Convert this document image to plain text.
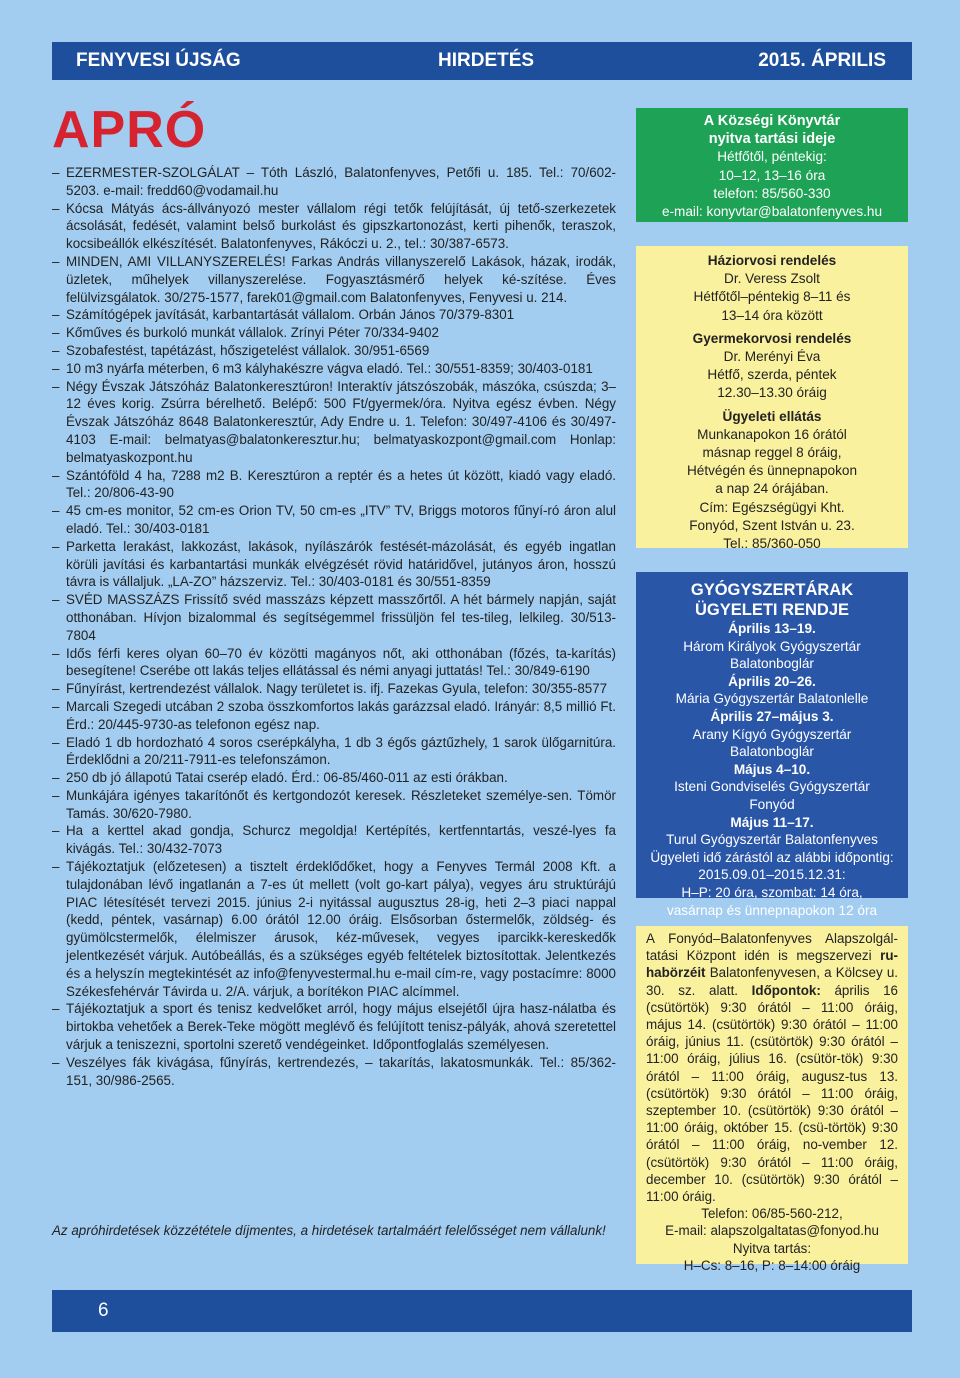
FENYVESI ÚJSÁG	HIRDETÉS	2015. ÁPRILIS
APRÓ
– EZERMESTER-SZOLGÁLAT – Tóth László, Balatonfenyves, Petőfi u. 185. Tel.: 70/602-5203. e-mail: fredd60@vodamail.hu
– Kócsa Mátyás ács-állványozó mester vállalom régi tetők felújítását, új tető-szerkezetek ácsolását, fedését, valamint belső burkolást és gipszkartonozást, kerti pihenők, teraszok, kocsibeállók elkészítését. Balatonfenyves, Rákóczi u. 2., tel.: 30/387-6573.
– MINDEN, AMI VILLANYSZERELÉS! Farkas András villanyszerelő Lakások, házak, irodák, üzletek, műhelyek villanyszerelése. Fogyasztásmérő helyek ké-szítése. Éves felülvizsgálatok. 30/275-1577, farek01@gmail.com Balatonfenyves, Fenyvesi u. 214.
– Számítógépek javítását, karbantartását vállalom. Orbán János 70/379-8301
– Kőműves és burkoló munkát vállalok. Zrínyi Péter 70/334-9402
– Szobafestést, tapétázást, hőszigetelést vállalok. 30/951-6569
– 10 m3 nyárfa méterben, 6 m3 kályhakészre vágva eladó. Tel.: 30/551-8359; 30/403-0181
– Négy Évszak Játszóház Balatonkeresztúron! Interaktív játszószobák, mászóka, csúszda; 3–12 éves korig. Zsúrra bérelhető. Belépő: 500 Ft/gyermek/óra. Nyitva egész évben. Négy Évszak Játszóház 8648 Balatonkeresztúr, Ady Endre u. 1. Telefon: 30/497-4106 és 30/497-4103 E-mail: belmatyas@balatonkeresztur.hu; belmatyaskozpont@gmail.com Honlap: belmatyaskozpont.hu
– Szántóföld 4 ha, 7288 m2 B. Keresztúron a reptér és a hetes út között, kiadó vagy eladó. Tel.: 20/806-43-90
– 45 cm-es monitor, 52 cm-es Orion TV, 50 cm-es „ITV” TV, Briggs motoros fűnyí-ró áron alul eladó. Tel.: 30/403-0181
– Parketta lerakást, lakkozást, lakások, nyílászárók festését-mázolását, és egyéb ingatlan körüli javítási és karbantartási munkák elvégzését rövid határidővel, jutányos áron, hosszú távra is vállaljuk. „LA-ZO” házszerviz. Tel.: 30/403-0181 és 30/551-8359
– SVÉD MASSZÁZS Frissítő svéd masszázs képzett masszőrtől. A hét bármely napján, saját otthonában. Hívjon bizalommal és segítségemmel frissüljön fel tes-tileg, lelkileg. 30/513-7804
– Idős férfi keres olyan 60–70 év közötti magányos nőt, aki otthonában (főzés, ta-karítás) besegítene! Cserébe ott lakás teljes ellátással és némi anyagi juttatás! Tel.: 30/849-6190
– Fűnyírást, kertrendezést vállalok. Nagy területet is. ifj. Fazekas Gyula, telefon: 30/355-8577
– Marcali Szegedi utcában 2 szoba összkomfortos lakás garázzsal eladó. Irányár: 8,5 millió Ft. Érd.: 20/445-9730-as telefonon egész nap.
– Eladó 1 db hordozható 4 soros cserépkályha, 1 db 3 égős gáztűzhely, 1 sarok ülőgarnitúra. Érdeklődni a 20/211-7911-es telefonszámon.
– 250 db jó állapotú Tatai cserép eladó. Érd.: 06-85/460-011 az esti órákban.
– Munkájára igényes takarítónőt és kertgondozót keresek. Részleteket személye-sen. Tömör Tamás. 30/620-7980.
– Ha a kerttel akad gondja, Schurcz megoldja! Kertépítés, kertfenntartás, veszé-lyes fa kivágás. Tel.: 30/432-7073
– Tájékoztatjuk (előzetesen) a tisztelt érdeklődőket, hogy a Fenyves Termál 2008 Kft. a tulajdonában lévő ingatlanán a 7-es út mellett (volt go-kart pálya), vegyes áru struktúrájú PIAC létesítését tervezi 2015. június 2-i nyitással augusztus 28-ig, heti 2–3 piaci nappal (kedd, péntek, vasárnap) 6.00 órától 12.00 óráig. Elsősorban őstermelők, zöldség- és gyümölcstermelők, élelmiszer árusok, kéz-művesek, vegyes iparcikk-kereskedők jelentkezését várjuk. Autóbeállás, és a szükséges egyéb feltételek biztosítottak. Jelentkezés és a helyszín megtekintését az info@fenyvestermal.hu e-mail cím-re, vagy postacímre: 8000 Székesfehérvár Távirda u. 2/A. várjuk, a borítékon PIAC alcímmel.
– Tájékoztatjuk a sport és tenisz kedvelőket arról, hogy május elsejétől újra hasz-nálatba és birtokba vehetőek a Berek-Teke mögött meglévő és felújított tenisz-pályák, ahová szeretettel várjuk a teniszezni, sportolni szerető vendégeinket. Időpontfoglalás személyesen.
– Veszélyes fák kivágása, fűnyírás, kertrendezés, – takarítás, lakatosmunkák. Tel.: 85/362-151, 30/986-2565.
Az apróhirdetések közzététele díjmentes, a hirdetések tartalmáért felelősséget nem vállalunk!
A Községi Könyvtár
nyitva tartási ideje
Hétfőtől, péntekig:
10–12, 13–16 óra
telefon: 85/560-330
e-mail: konyvtar@balatonfenyves.hu
Háziorvosi rendelés
Dr. Veress Zsolt
Hétfőtől–péntekig 8–11 és
13–14 óra között
Gyermekorvosi rendelés
Dr. Merényi Éva
Hétfő, szerda, péntek
12.30–13.30 óráig
Ügyeleti ellátás
Munkanapokon 16 órától
másnap reggel 8 óráig,
Hétvégén és ünnepnapokon
a nap 24 órájában.
Cím: Egészségügyi Kht.
Fonyód, Szent István u. 23.
Tel.: 85/360-050
GYÓGYSZERTÁRAK
ÜGYELETI RENDJE
Április 13–19.
Három Királyok Gyógyszertár
Balatonboglár
Április 20–26.
Mária Gyógyszertár Balatonlelle
Április 27–május 3.
Arany Kígyó Gyógyszertár
Balatonboglár
Május 4–10.
Isteni Gondviselés Gyógyszertár
Fonyód
Május 11–17.
Turul Gyógyszertár Balatonfenyves
Ügyeleti idő zárástól az alábbi időpontig:
2015.09.01–2015.12.31:
H–P: 20 óra, szombat: 14 óra,
vasárnap és ünnepnapokon 12 óra
A Fonyód–Balatonfenyves Alapszolgál-tatási Központ idén is megszervezi ru-habörzéit Balatonfenyvesen, a Kölcsey u. 30. sz. alatt. Időpontok: április 16 (csütörtök) 9:30 órától – 11:00 óráig, május 14. (csütörtök) 9:30 órától – 11:00 óráig, június 11. (csütörtök) 9:30 órától – 11:00 óráig, július 16. (csütör-tök) 9:30 órától – 11:00 óráig, augusz-tus 13. (csütörtök) 9:30 órától – 11:00 óráig, szeptember 10. (csütörtök) 9:30 órától – 11:00 óráig, október 15. (csü-törtök) 9:30 órától – 11:00 óráig, no-vember 12. (csütörtök) 9:30 órától – 11:00 óráig, december 10. (csütörtök) 9:30 órától – 11:00 óráig.
Telefon: 06/85-560-212,
E-mail: alapszolgaltatas@fonyod.hu
Nyitva tartás:
H–Cs: 8–16, P: 8–14:00 óráig
6
